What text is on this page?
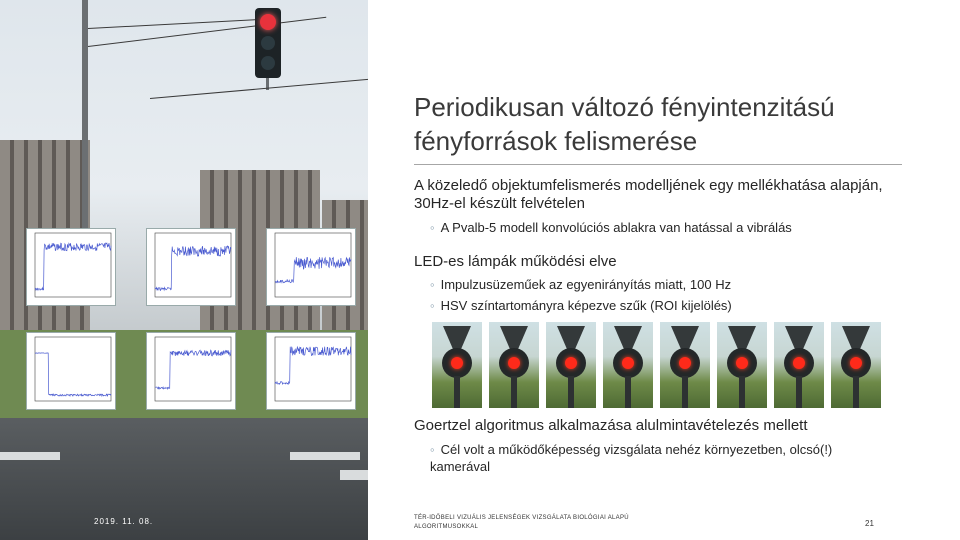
2019. 11. 08.
Periodikusan változó fényintenzitású fényforrások felismerése
A közeledő objektumfelismerés modelljének egy mellékhatása alapján, 30Hz-el készült felvételen
◦ A Pvalb-5 modell konvolúciós ablakra van hatással a vibrálás
LED-es lámpák működési elve
◦ Impulzusüzeműek az egyenirányítás miatt, 100 Hz
◦ HSV színtartományra képezve szűk (ROI kijelölés)
Goertzel algoritmus alkalmazása alulmintavételezés mellett
◦ Cél volt a működőképesség vizsgálata nehéz környezetben, olcsó(!) kamerával
TÉR-IDŐBELI VIZUÁLIS JELENSÉGEK VIZSGÁLATA BIOLÓGIAI ALAPÚ ALGORITMUSOKKAL	21
